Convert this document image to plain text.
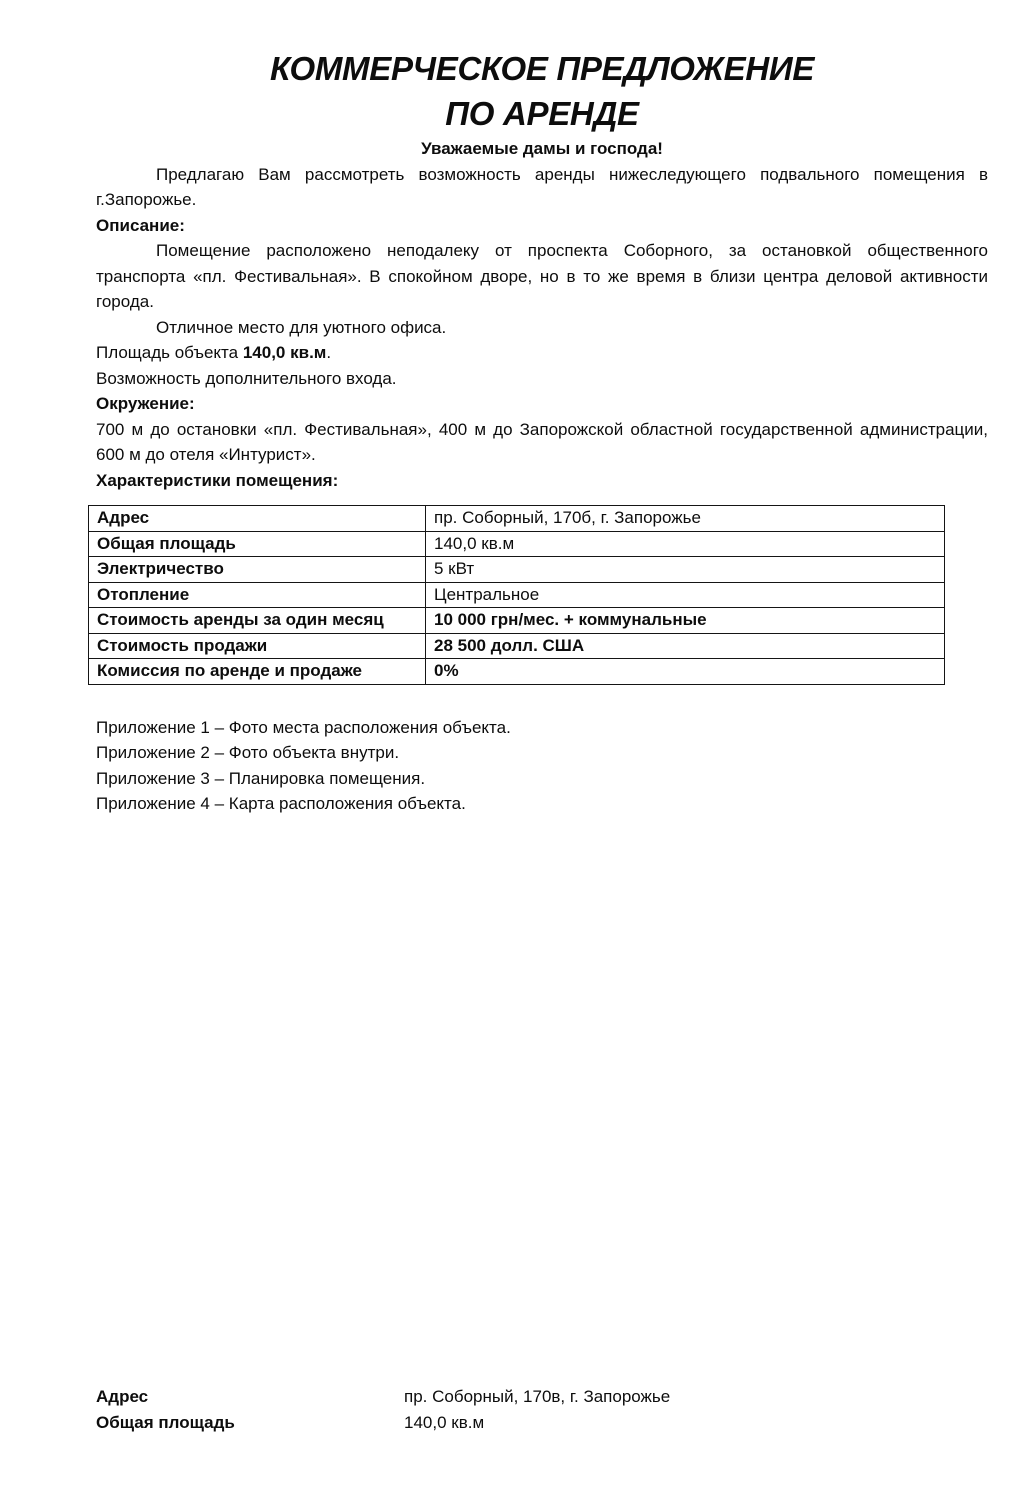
КОММЕРЧЕСКОЕ ПРЕДЛОЖЕНИЕ
ПО АРЕНДЕ

Уважаемые дамы и господа!

Предлагаю Вам рассмотреть возможность аренды нижеследующего подвального помещения в г.Запорожье.

Описание:

Помещение расположено неподалеку от проспекта Соборного, за остановкой общественного транспорта «пл. Фестивальная». В спокойном дворе, но в то же время в близи центра деловой активности города.

Отличное место для уютного офиса.

Площадь объекта 140,0 кв.м.

Возможность дополнительного входа.

Окружение:

700 м до остановки «пл. Фестивальная», 400 м до Запорожской областной государственной администрации, 600 м до отеля «Интурист».

Характеристики помещения:

Адрес	пр. Соборный, 170б, г. Запорожье
Общая площадь	140,0 кв.м
Электричество	5 кВт
Отопление	Центральное
Стоимость аренды за один месяц	10 000 грн/мес. + коммунальные
Стоимость продажи	28 500 долл. США
Комиссия по аренде и продаже	0%

Приложение 1 – Фото места расположения объекта.

Приложение 2 – Фото объекта внутри.

Приложение 3 – Планировка помещения.

Приложение 4 – Карта расположения объекта.

Адрес	пр. Соборный, 170в, г. Запорожье
Общая площадь	140,0 кв.м
